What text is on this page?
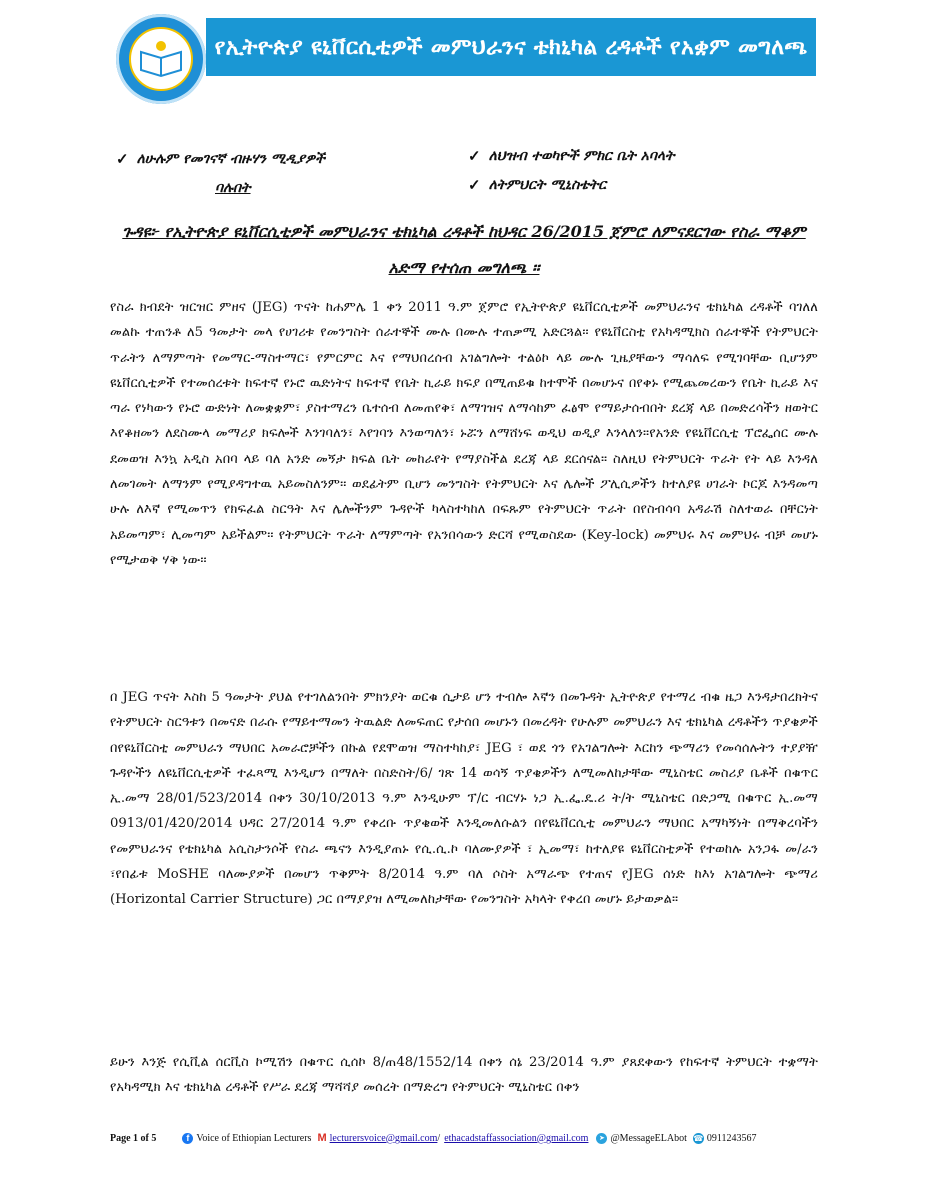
የኢትዮጵያ ዩኒቨርሲቲዎች መምህራንና ቴክኒካል ረዳቶች የአቋም መግለጫ
✓ ለሁሉም የመገናኛ ብዙሃን ሚዲያዎች
ባሉበት
✓ ለህዝብ ተወካዮች ምክር ቤት አባላት
✓ ለትምህርት ሚኒስቴትር
ጉዳዩ፦ የኢትዮጵያ ዩኒቨርሲቲዎች መምህራንና ቴክኒካል ረዳቶች ከህዳር 26/2015 ጀምሮ ለምናደርገው የስራ ማቆም አድማ የተሰጠ መግለጫ ።
የስራ ክብደት ዝርዝር ምዘና (JEG) ጥናት ከሐምሌ 1 ቀን 2011 ዓ.ም ጀምሮ የኢትዮጵያ ዩኒቨርሲቲዎች መምህራንና ቴክኒካል ረዳቶች ባገለለ መልኩ ተጠንቶ ለ5 ዓመታት መላ የሀገሪቱ የመንግስት ሰራተኞች ሙሉ በሙሉ ተጠቃሚ አድርጓል፡፡ የዩኒቨርስቲ የአካዳሚክስ ሰራተኞች የትምህርት ጥራትን ለማምጣት የመማር-ማስተማር፣ የምርምር እና የማህበረሰብ አገልግሎት ተልዕኮ ላይ ሙሉ ጊዜያቸውን ማሳለፍ የሚገባቸው ቢሆንም ዩኒቨርሲቲዎች የተመሰረቱት ከፍተኛ የኑሮ ዉድነትና ከፍተኛ የቤት ኪራይ ክፍያ በሚጠይቁ ከተሞች በመሆኑና በየቀኑ የሚጨመረውን የቤት ኪራይ እና ጣራ የነካውን የኑሮ ውድነት ለመቋቋም፣ ያስተማረን ቤተሰብ ለመጠየቅ፣ ለማገዝና ለማሳከም ፈፅሞ የማይታሰብበት ደረጃ ላይ በመድረሳችን ዘወትር እየቆዘመን ለደስሙላ መማሪያ ክፍሎች እንገባለን፣ እየገባን እንወጣለን፣ ኑሯን ለማሸነፍ ወዲህ ወዲያ እንላለን።የአንድ የዩኒቨርሲቲ ፕሮፌሰር ሙሉ ደመወዝ እንኳ አዲስ አበባ ላይ ባለ አንድ መኝታ ክፍል ቤት መከራየት የማያስችል ደረጃ ላይ ደርሰናል። ስለዚህ የትምህርት ጥራት የት ላይ እንዳለ ለመገመት ለማንም የሚያዳግተዉ አይመስለንም፡፡ ወደፊትም ቢሆን መንግስት የትምህርት እና ሌሎች ፖሊሲዎችን ከተለያዩ ሀገራት ኮርጆ እንዳመጣ ሁሉ ለእኛ የሚመጥን የክፍፈል ስርዓት እና ሌሎችንም ጉዳዮች ካላስተካከለ በፍጹም የትምህርት ጥራት በየስብሳባ አዳራሽ ስለተወራ በቸርነት አይመጣም፣ ሊመጣም አይችልም፡፡ የትምህርት ጥራት ለማምጣት የአንበሳውን ድርሻ የሚወስደው (Key-lock) መምህሩ እና መምህሩ ብቻ መሆኑ የሚታወቅ ሃቅ ነው፡፡
በ JEG ጥናት እስከ 5 ዓመታት ያህል የተገለልንበት ምክንያት ወርቁ ሲታይ ሆን ተብሎ እኛን በመጉዳት ኢትዮጵያ የተማረ ብቁ ዜጋ እንዳታበረክትና የትምህርት ስርዓቱን በመናድ በራሱ የማይተማመን ትዉልድ ለመፍጠር የታሰበ መሆኑን በመረዳት የሁሉም መምህራን እና ቴክኒካል ረዳቶችን ጥያቄዎች በየዩኒቨርስቲ መምህራን ማህበር አመራሮቻችን በኩል የደሞወዝ ማስተካከያ፣ JEG ፣ ወደ ጎን የአገልግሎት እርከን ጭማሪን የመሳሰሉትን ተያያዥ ጉዳዮችን ለዩኒቨርሲቲዎች ተፈጻሚ እንዲሆን በማለት በስድስት/6/ ገጽ 14 ወሳኝ ጥያቄዎችን ለሚመለከታቸው ሚኒስቴር መስሪያ ቤቶች በቁጥር ኢ.መማ 28/01/523/2014 በቀን 30/10/2013 ዓ.ም እንዲሁም ፕ/ር ብርሃኑ ነጋ ኢ.ፌ.ዴ.ሪ ት/ት ሚኒስቴር በድጋሚ በቁጥር ኢ.መማ 0913/01/420/2014 ህዳር 27/2014 ዓ.ም የቀረቡ ጥያቄወች እንዲመለሱልን በየዩኒቨርሲቲ መምህራን ማህበር አማካኝነት በማቅረባችን የመምህራንና የቴክኒካል አሲስታንሶች የስራ ጫናን እንዲያጠኑ የሲ.ሲ.ኮ ባለሙያዎች ፣ ኢመማ፣ ከተለያዩ ዩኒቨርስቲዎች የተወከሉ አንጋፋ መ/ራን ፣የበፊቱ MoSHE ባለሙያዎች በመሆን ጥቅምት 8/2014 ዓ.ም ባለ ሶስት አማራጭ የተጠና የJEG ሰነድ ከእነ አገልግሎት ጭማሪ (Horizontal Carrier Structure) ጋር በማያያዝ ለሚመለከታቸው የመንግስት አካላት የቀረበ መሆኑ ይታወቃል።
ይሁን እንጅ የሲቪል ሰርቪስ ኮሚሽን በቁጥር ሲሰኮ 8/ጠ48/1552/14 በቀን ሰኔ 23/2014 ዓ.ም ያጸደቀውን የከፍተኛ ትምህርት ተቋማት የአካዳሚክ እና ቴክኒካል ረዳቶች የሥራ ደረጃ ማሻሻያ መሰረት በማድረግ የትምህርት ሚኒስቴር በቀን
Page 1 of 5	f Voice of Ethiopian Lecturers M lecturersvoice@gmail.com / ethacadstaffassociation@gmail.com	➤ @MessageELAbot ☎ 0911243567
